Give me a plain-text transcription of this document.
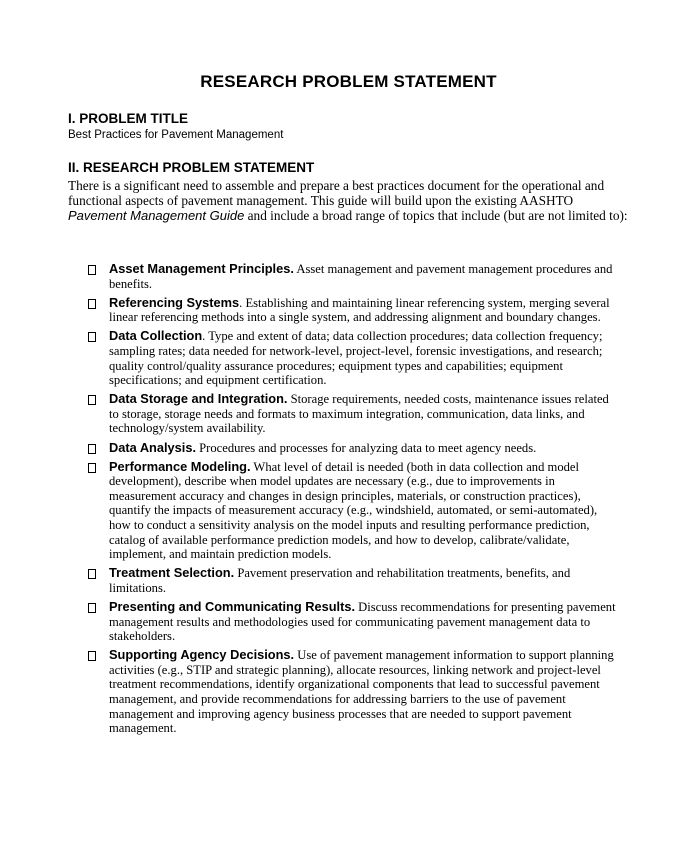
RESEARCH PROBLEM STATEMENT
I. PROBLEM TITLE
Best Practices for Pavement Management
II. RESEARCH PROBLEM STATEMENT
There is a significant need to assemble and prepare a best practices document for the operational and functional aspects of pavement management. This guide will build upon the existing AASHTO Pavement Management Guide and include a broad range of topics that include (but are not limited to):
Asset Management Principles. Asset management and pavement management procedures and benefits.
Referencing Systems. Establishing and maintaining linear referencing system, merging several linear referencing methods into a single system, and addressing alignment and boundary changes.
Data Collection. Type and extent of data; data collection procedures; data collection frequency; sampling rates; data needed for network-level, project-level, forensic investigations, and research; quality control/quality assurance procedures; equipment types and capabilities; equipment specifications; and equipment certification.
Data Storage and Integration. Storage requirements, needed costs, maintenance issues related to storage, storage needs and formats to maximum integration, communication, data links, and technology/system availability.
Data Analysis. Procedures and processes for analyzing data to meet agency needs.
Performance Modeling. What level of detail is needed (both in data collection and model development), describe when model updates are necessary (e.g., due to improvements in measurement accuracy and changes in design principles, materials, or construction practices), quantify the impacts of measurement accuracy (e.g., windshield, automated, or semi-automated), how to conduct a sensitivity analysis on the model inputs and resulting performance prediction, catalog of available performance prediction models, and how to develop, calibrate/validate, implement, and maintain prediction models.
Treatment Selection. Pavement preservation and rehabilitation treatments, benefits, and limitations.
Presenting and Communicating Results. Discuss recommendations for presenting pavement management results and methodologies used for communicating pavement management data to stakeholders.
Supporting Agency Decisions. Use of pavement management information to support planning activities (e.g., STIP and strategic planning), allocate resources, linking network and project-level treatment recommendations, identify organizational components that lead to successful pavement management, and provide recommendations for addressing barriers to the use of pavement management and improving agency business processes that are needed to support pavement management.
